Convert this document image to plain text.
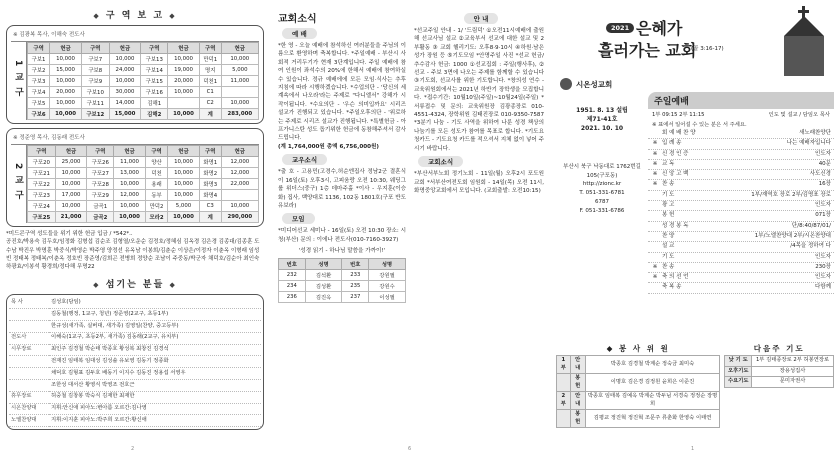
◆ 구 역 보 고 ◆
※ 김광복 목사, 이해숙 전도사
1교구
구역	헌금	구역	헌금	구역	헌금	구역	헌금
구보1	10,000	구보7	10,000	구보13	10,000	만덕1	10,000
구보2	15,000	구보8	24,000	구보14	19,000	명지	5,000
구보3	10,000	구보9	10,000	구보15	20,000	덕천1	11,000
구보4	20,000	구보10	30,000	구보16	10,000	C1	
구보5	10,000	구보11	14,000	김해1		C2	10,000
구보6	10,000	구보12	15,000	김해2	10,000	계	283,000
※ 정준영 목사, 김동래 전도사
2교구
구역	헌금	구역	헌금	구역	헌금	구역	헌금
구포20	25,000	구포26	11,000	양산	10,000	화명1	12,000
구포21	10,000	구포27	13,000	덕천	10,000	화명2	12,000
구포22	10,000	구포28	10,000	용래	10,000	화명3	22,000
구포23	17,000	구포29	12,000	동부	10,000	화명4	
구포24	10,000	금곡1	10,000	만덕2	5,000	C3	10,000
구포25	21,000	금곡2	10,000	모라2	10,000	계	290,000
*미드콘구역 성도들을 위기 위한 헌금 입금 / *542*..
공진호/박용숙 김두호/임정화 김형섭 김순조 김형열/오운순 김정호/정혜심 김옥경 김은경 김종대/김종훈 도수남 박진우 박명훈 박중식/박영순 박주영 양정선 유옥남 이봉희/김춘순 이상은/이정자 이춘옥 이형래 임성빈 정태복 정태복/이춘옥 정호빈 장준영/김희곤 전병희 정양순 조남이 주중동/박군자 채덕호/김순아 최인숙 하광효/이봉석 황경희/정다해 무명22
◆ 섬기는 분들 ◆
목 사	김성호(담임)
	김동철(행정, 1교구, 청년) 정준영(2교구, 초등1부)
	한규성(새가족, 실버대, 새가족) 김영일(찬양, 중고등부)
전도사	이해숙(1교구, 초등2부, 새가족) 김동래(2교구, 유치부)
시무장로	최인주 김경철 박순태 박종호 황성복 최창진 김경석
	전재진 임태복 임대성 김성솔 유보영 김동기 정종화
	채덕호 김형표 김두호 배동기 이지수 김동진 정용섭 서영우
	조한성 대서산 황영식 박영조 전호근
휴무장로	허중철 김창봉 박숙식 김재한 최재한
시온찬양대	지휘:안신애 피아노:변아름 오르간:김나영
노엘찬양대	지휘:이지훈 피아노:박주희 오르간:황신애
2
교회소식
예 배
*한 영 - 오늘 예배에 참석하신 여러분들을 주님의 이름으로 환영하며 축복합니다. *주일예배 - 부산시 사회적 거리두기가 현재 3단계입니다. 주일 예배에 참여 인원이 좌석수의 20%에 한해서 예배에 참여하실 수 있습니다. 정규 예배에에 모든 모임·식사는 추후 지침에 따라 시행하겠습니다. *수업의단 - '당신의 세계속에서 나오라'라는 주제로 "다니엘서" 강해가 시작이됩니다. *수요의단 - '우슨 의미입까요' 시리즈 설교가 진행되고 있습니다. *주일오후의단 - '위로하는 주제로 시리즈 설교가 진행됩니다. *특별헌금 - 아프가니스탄 성도 돕기위한 헌금에 동참해주셔서 감사드립니다.
(계 1,764,000원 총액 6,756,000원)
교우소식
*출 호 - 고용민(고경수,허순엔집사 정남2군 결혼식이 16일(토) 오후3시, 고피움랑 오전 10:30, 웨딩그룹 위더스(중구) 1층 데마주홀 *이사 - 우지훈(이승화) 집사, 백양대로 1136, 102동 1801호(구포 반도유보라)
모임
*미디어선교 세미나 - 16일(토) 오전 10:30 장소: 시청(부산) 문의 : 이에나 전도사(010-7160-3927)
'성경 읽기 - 하나님 말씀을 가까이!'
번호	성명	번호	성명
232	김석환	233	강원필
234	김성환	235	강원수
236	김진옥	237	이성필
안 내
*선교주일 안내 - 1/ '드림덕' ①오전11시예배에 출원해 선교사님 설교 ②교육부서 선교에 대한 설교 및 2부활동 ③ 교회 헬리기도: 오후8·9·10시 ④하원·남은성가 장원 등 ⑤기도모임 *안명주일 사진 *선교 헌금/추수감사 헌금: 1000 ①선교집회 : 주일(행사후), ②선교 - 주보 3면에 나오는 주제를 함께할 수 있습니다 ③기도회, 선교사를 위한 기도합니다. *창의성 연수 - 교육위원회에서는 2021년 하반기 장학생을 모집합니다. *접수기간: 10월10일(주일)~10월24일(주일) *서류접수 및 문의: 교육위원장 김광종장로 010-4551-4324, 장학위원 김태진장로 010-9350-7587 *3분기 나눔 - 기도 사역을 위하여 나룬 성경 책상의 나눔기를 모든 성도가 참여를 목표로 합니다. *기도요청카드 - 기도요청 카드를 적으셔서 지체 없이 넣어 주시기 바랍니다.
교회소식
*부산서부노회 정기노회 - 11일(월) 오후2시 포도원교회 *서부산여전도회 임원회 - 14일(목) 오전 11시, 화명중앙교회에서 모입니다. (교회출발: 오전10:15)
6
2021 은혜가
흘러가는 교회
(골 3:16-17)
시온성교회
1951. 8. 13 설립
제71-41호
2021. 10. 10
부산시 북구 낙동대로 1762번길 105(구포동)
http://zionc.kr
T. 051-331-6781
6787
F. 051-331-6786
주일예배
1부 09:15 2부 11:15	인도 및 설교 / 담임오 목사
※ 표에서 일어설 수 있는 분은 서 주세요.
회 예 배 찬 양	새노래찬양단
※ 입 례 송	나는 예배자입니다
※ 신 경 인 증	인도자
※ 교 독	40문
※ 신 앙 고 백	사도신경
※ 찬 송	16장
기 도	1부/재역호 장로 2부/김명표 장로
광 고	인도자
봉 헌	071장
성 경 봉 독	단/8:40/87/01/
찬 양	1부/노엘찬양대 2부/시온찬양대
설 교	/4목을 정하여 다
기 도	인도자
※ 찬 송	230장
※ 축 의 선 언	인도자
축 복 송	다함께
◆ 봉 사 위 원
1부	안내	박종호 김경철 박계순 정숙금 최미숙
	봉헌	이명호 김은경 김정원 윤희은 이준진
2부	안내	박종호 임태복 김예옥 박계순 박두님 서경숙 정정순 장명희
	봉헌	김평교 정진혁 정진혁 조문주 류춘화 한영숙 이태연
다음주 기도
낮 기 도	1부 김태종장로 2부 허봉연장로
오후기도	장용성집사
수요기도	문미자권사
1
